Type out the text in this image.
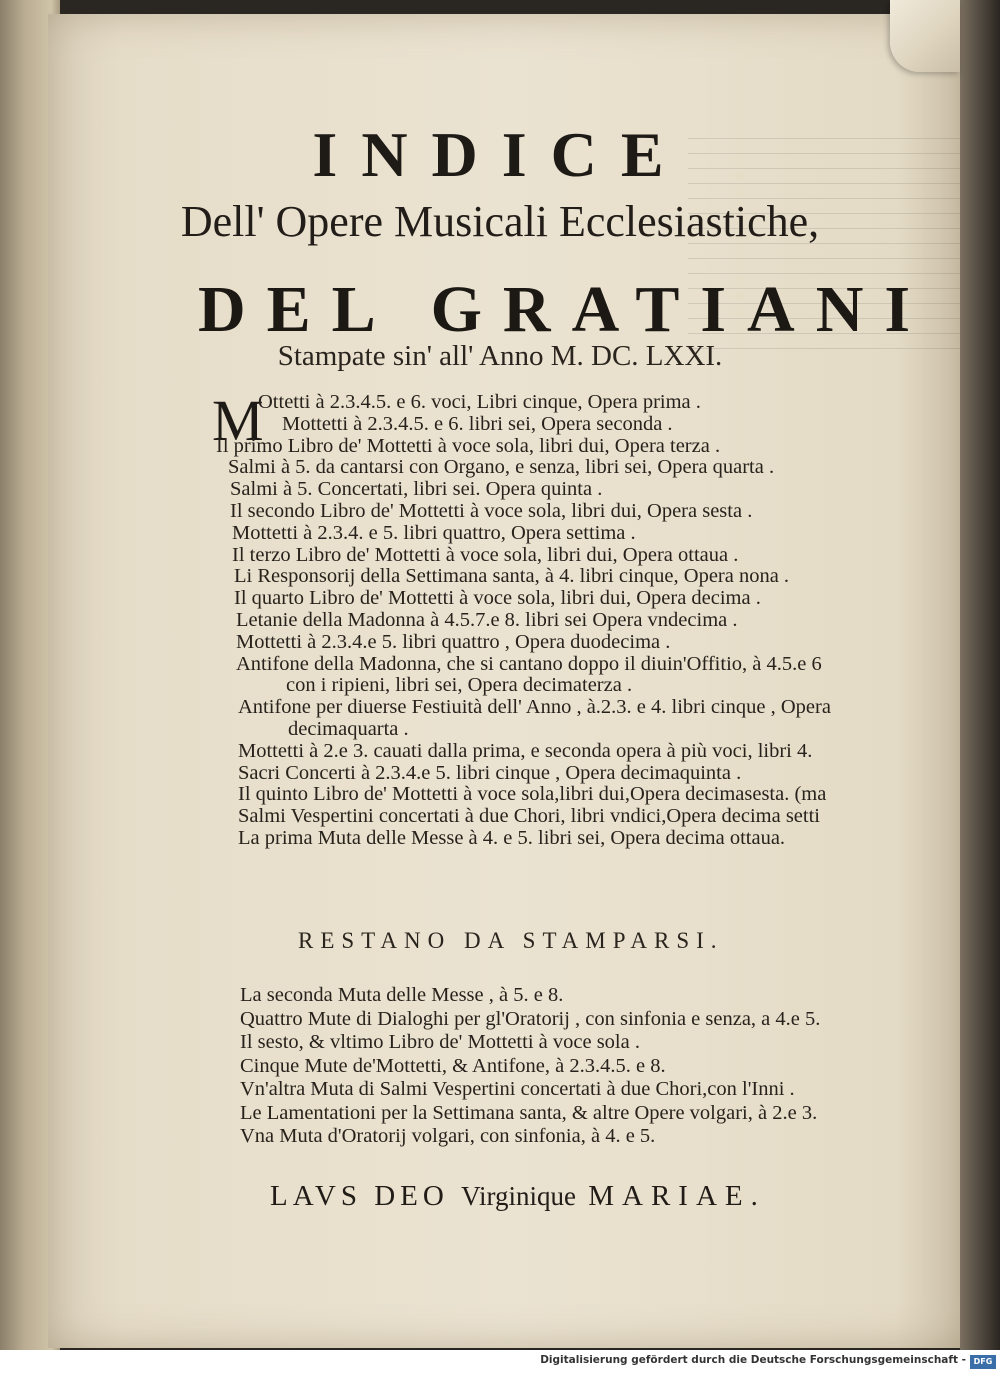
INDICE
Dell' Opere Musicali Ecclesiastiche,
DEL GRATIANI
Stampate sin' all' Anno M. DC. LXXI.
M
Ottetti à 2.3.4.5. e 6. voci, Libri cinque, Opera prima .
Mottetti à 2.3.4.5. e 6. libri sei, Opera seconda .
Il primo Libro de' Mottetti à voce sola, libri dui, Opera terza .
Salmi à 5. da cantarsi con Organo, e senza, libri sei, Opera quarta .
Salmi à 5. Concertati, libri sei. Opera quinta .
Il secondo Libro de' Mottetti à voce sola, libri dui, Opera sesta .
Mottetti à 2.3.4. e 5. libri quattro, Opera settima .
Il terzo Libro de' Mottetti à voce sola, libri dui, Opera ottaua .
Li Responsorij della Settimana santa, à 4. libri cinque, Opera nona .
Il quarto Libro de' Mottetti à voce sola, libri dui, Opera decima .
Letanie della Madonna à 4.5.7.e 8. libri sei Opera vndecima .
Mottetti à 2.3.4.e 5. libri quattro , Opera duodecima .
Antifone della Madonna, che si cantano doppo il diuin'Offitio, à 4.5.e 6
con i ripieni, libri sei, Opera decimaterza .
Antifone per diuerse Festiuità dell' Anno , à.2.3. e 4. libri cinque , Opera
decimaquarta .
Mottetti à 2.e 3. cauati dalla prima, e seconda opera à più voci, libri 4.
Sacri Concerti à 2.3.4.e 5. libri cinque , Opera decimaquinta .
Il quinto Libro de' Mottetti à voce sola,libri dui,Opera decimasesta. (ma
Salmi Vespertini concertati à due Chori, libri vndici,Opera decima setti
La prima Muta delle Messe à 4. e 5. libri sei, Opera decima ottaua.
RESTANO DA STAMPARSI.
La seconda Muta delle Messe , à 5. e 8.
Quattro Mute di Dialoghi per gl'Oratorij , con sinfonia e senza, a 4.e 5.
Il sesto, & vltimo Libro de' Mottetti à voce sola .
Cinque Mute de'Mottetti, & Antifone, à 2.3.4.5. e 8.
Vn'altra Muta di Salmi Vespertini concertati à due Chori,con l'Inni .
Le Lamentationi per la Settimana santa, & altre Opere volgari, à 2.e 3.
Vna Muta d'Oratorij volgari, con sinfonia, à 4. e 5.
LAVS DEO Virginique MARIAE.
Digitalisierung gefördert durch die Deutsche Forschungsgemeinschaft - DFG
